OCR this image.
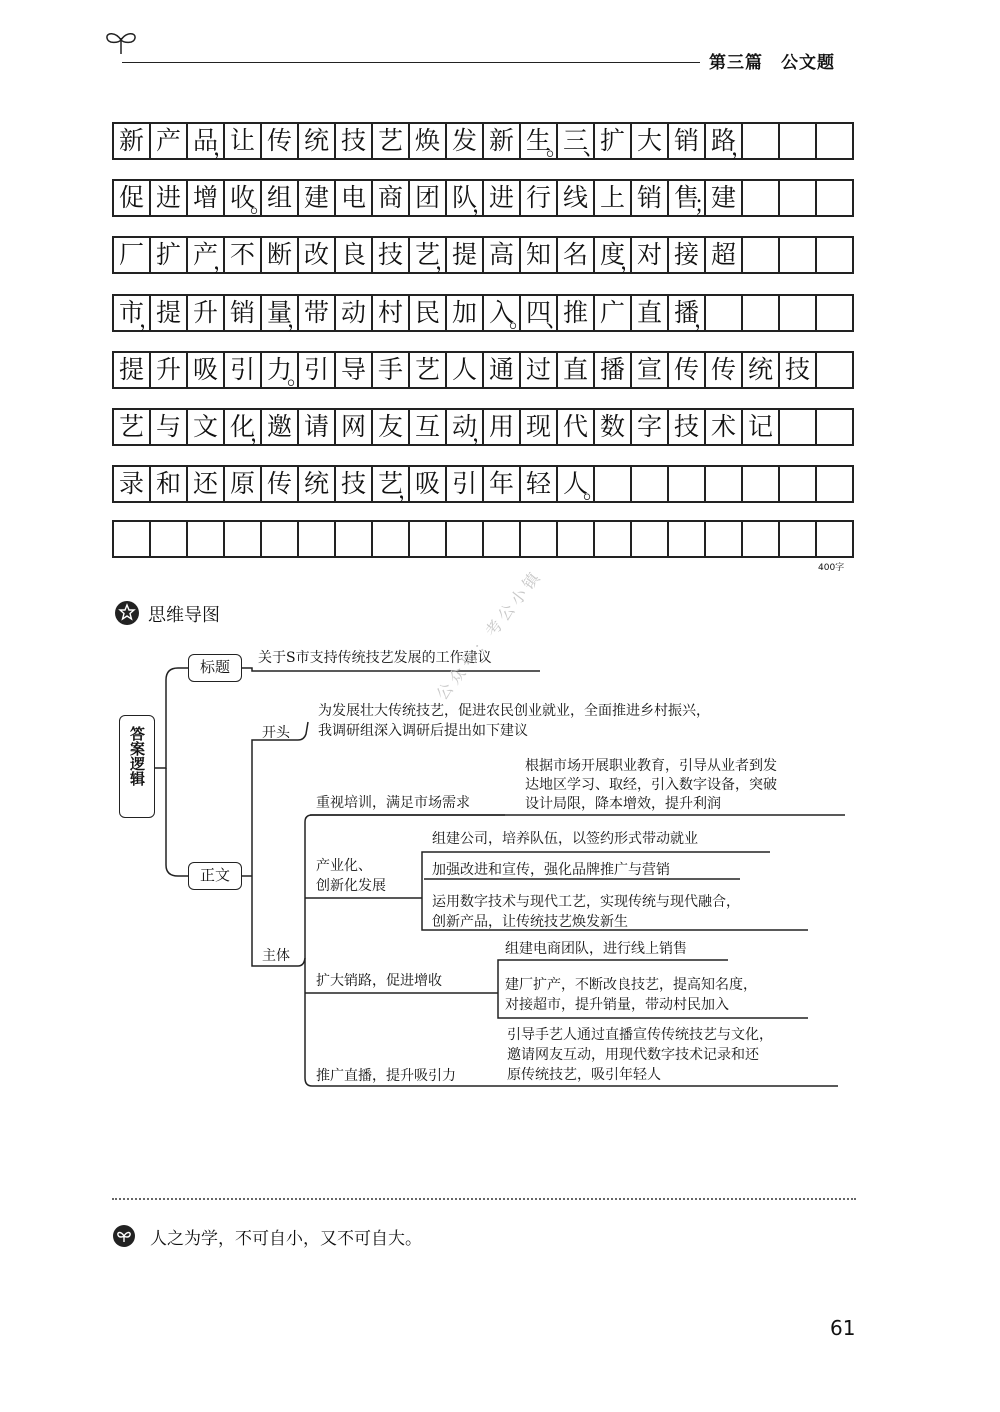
第三篇　公文题
新 产 品
，
让 传 统 技 艺 焕 发 新 生
。
三
、
扩 大 销 路
，
促 进 增 收
。
组 建 电 商 团 队
，
进 行 线 上 销 售
；
建
厂 扩 产
，
不 断 改 良 技 艺
，
提 高 知 名 度
，
对 接 超
市
，
提 升 销 量
，
带 动 村 民 加 入
。
四
、
推 广 直 播
，
提 升 吸 引 力
。
引 导 手 艺 人 通 过 直 播 宣 传 传 统 技
艺 与 文 化
，
邀 请 网 友 互 动
，
用 现 代 数 字 技 术 记
录 和 还 原 传 统 技 艺
，
吸 引 年 轻 人
。
400字
思维导图
答案逻辑
标题
正文
关于S市支持传统技艺发展的工作建议
开头
为发展壮大传统技艺，促进农民创业就业，全面推进乡村振兴，
我调研组深入调研后提出如下建议
主体
重视培训，满足市场需求
根据市场开展职业教育，引导从业者到发
达地区学习、取经，引入数字设备，突破
设计局限，降本增效，提升利润
产业化、
创新化发展
组建公司，培养队伍，以签约形式带动就业
加强改进和宣传，强化品牌推广与营销
运用数字技术与现代工艺，实现传统与现代融合，
创新产品，让传统技艺焕发新生
扩大销路，促进增收
组建电商团队，进行线上销售
建厂扩产，不断改良技艺，提高知名度，
对接超市，提升销量，带动村民加入
推广直播，提升吸引力
引导手艺人通过直播宣传传统技艺与文化，
邀请网友互动，用现代数字技术记录和还
原传统技艺，吸引年轻人
公众号：考公小镇
人之为学，不可自小，又不可自大。
61
